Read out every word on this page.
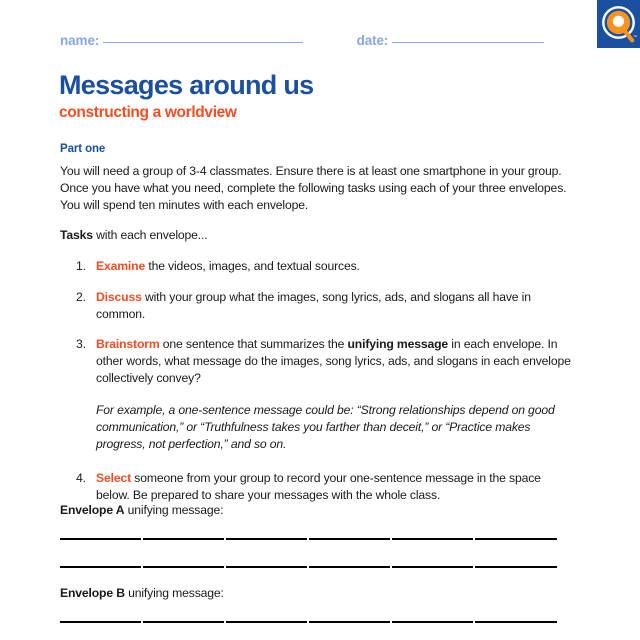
™
name:	date:
Messages around us
constructing a worldview
Part one
You will need a group of 3-4 classmates. Ensure there is at least one smartphone in your group. Once you have what you need, complete the following tasks using each of your three envelopes. You will spend ten minutes with each envelope.
Tasks with each envelope...
1. Examine the videos, images, and textual sources.
2. Discuss with your group what the images, song lyrics, ads, and slogans all have in common.
3. Brainstorm one sentence that summarizes the unifying message in each envelope. In other words, what message do the images, song lyrics, ads, and slogans in each envelope collectively convey?
For example, a one-sentence message could be: “Strong relationships depend on good communication,” or “Truthfulness takes you farther than deceit,” or “Practice makes progress, not perfection,” and so on.
4. Select someone from your group to record your one-sentence message in the space below. Be prepared to share your messages with the whole class.
Envelope A unifying message:
Envelope B unifying message:
